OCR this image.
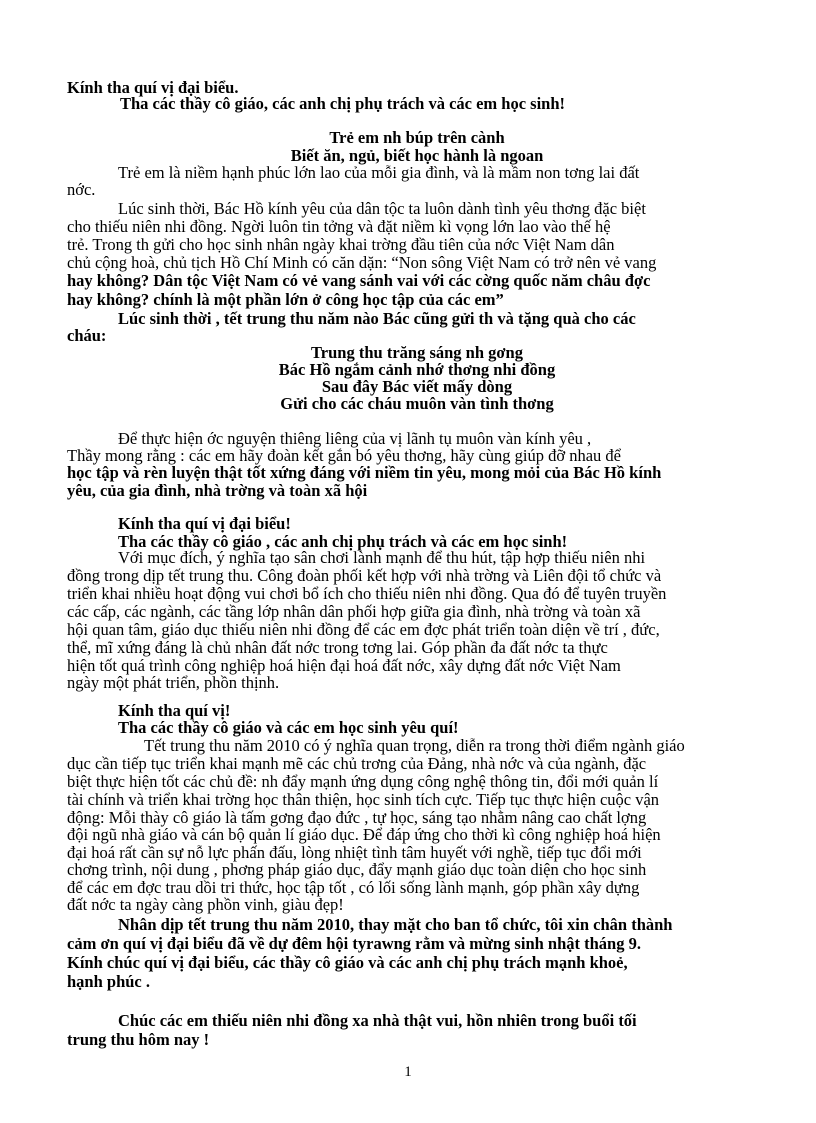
Kính tha quí vị đại biểu.
Tha các thầy cô giáo, các anh chị phụ trách và các em học sinh!
Trẻ em nh búp trên cành
Biết ăn, ngủ, biết học hành là ngoan
Trẻ em là niềm hạnh phúc lớn lao của mỗi gia đình, và là mầm non tơng lai đất
nớc.
Lúc sinh thời, Bác Hồ kính yêu của dân tộc ta luôn dành tình yêu thơng đặc biệt
cho thiếu niên nhi đồng. Ngời luôn tin tởng và đặt niềm kì vọng lớn lao vào thế hệ
trẻ. Trong th gửi cho học sinh nhân ngày khai trờng đầu tiên của nớc Việt Nam dân
chủ cộng hoà, chủ tịch Hồ Chí Minh có căn dặn: “Non sông Việt Nam có trở nên vẻ vang
hay không? Dân tộc Việt Nam có vẻ vang sánh vai với các cờng quốc năm châu đợc
hay không? chính là một phần lớn ở công học tập của các em”
Lúc sinh thời , tết trung thu năm nào Bác cũng gửi th và tặng quà cho các
cháu:
Trung thu trăng sáng nh gơng
Bác Hồ ngắm cảnh nhớ thơng nhi đồng
Sau đây Bác viết mấy dòng
Gửi cho các cháu muôn vàn tình thơng
Để thực hiện ớc nguyện thiêng liêng của vị lãnh tụ muôn vàn kính yêu ,
Thầy mong rằng : các em hãy đoàn kết gắn bó yêu thơng, hãy cùng giúp đỡ nhau để
học tập và rèn luyện thật tốt xứng đáng với niềm tin yêu, mong mỏi của Bác Hồ kính
yêu, của gia đình, nhà trờng và toàn xã hội
Kính tha quí vị đại biểu!
Tha các thầy cô giáo , các anh chị phụ trách và các em học sinh!
Với mục đích, ý nghĩa tạo sân chơi lành mạnh để thu hút, tập hợp thiếu niên nhi
đồng trong dịp tết trung thu. Công đoàn phối kết hợp với nhà trờng và Liên đội tổ chức và
triển khai nhiều hoạt động vui chơi bổ ích cho thiếu niên nhi đồng. Qua đó để tuyên truyền
các cấp, các ngành, các tầng lớp nhân dân phối hợp giữa gia đình, nhà trờng và toàn xã
hội quan tâm, giáo dục thiếu niên nhi đồng để các em đợc phát triển toàn diện về trí , đức,
thể, mĩ xứng đáng là chủ nhân đất nớc trong tơng lai. Góp phần đa đất nớc ta thực
hiện tốt quá trình công nghiệp hoá hiện đại hoá đất nớc, xây dựng đất nớc Việt Nam
ngày một phát triển, phồn thịnh.
Kính tha quí vị!
Tha các thầy cô giáo và các em học sinh yêu quí!
Tết trung thu năm 2010 có ý nghĩa quan trọng, diễn ra trong thời điểm ngành giáo
dục cần tiếp tục triển khai mạnh mẽ các chủ trơng của Đảng, nhà nớc và của ngành, đặc
biệt thực hiện tốt các chủ đề: nh đẩy mạnh ứng dụng công nghệ thông tin, đổi mới quản lí
tài chính và triển khai trờng học thân thiện, học sinh tích cực. Tiếp tục thực hiện cuộc vận
động: Mỗi thày cô giáo là tấm gơng đạo đức , tự học, sáng tạo nhằm nâng cao chất lợng
đội ngũ nhà giáo và cán bộ quản lí giáo dục. Để đáp ứng cho thời kì công nghiệp hoá hiện
đại hoá rất cần sự nỗ lực phấn đấu, lòng nhiệt tình tâm huyết với nghề, tiếp tục đổi mới
chơng trình, nội dung , phơng pháp giáo dục, đẩy mạnh giáo dục toàn diện cho học sinh
để các em đợc trau dồi tri thức, học tập tốt , có lối sống lành mạnh, góp phần xây dựng
đất nớc ta ngày càng phồn vinh, giàu đẹp!
Nhân dịp tết trung thu năm 2010, thay mặt cho ban tổ chức, tôi xin chân thành
cảm ơn quí vị đại biểu đã về dự đêm hội tyrawng rằm và mừng sinh nhật tháng 9.
Kính chúc quí vị đại biểu, các thầy cô giáo và các anh chị phụ trách mạnh khoẻ,
hạnh phúc .
Chúc các em thiếu niên nhi đồng xa nhà thật vui, hồn nhiên trong buổi tối
trung thu hôm nay !
1
